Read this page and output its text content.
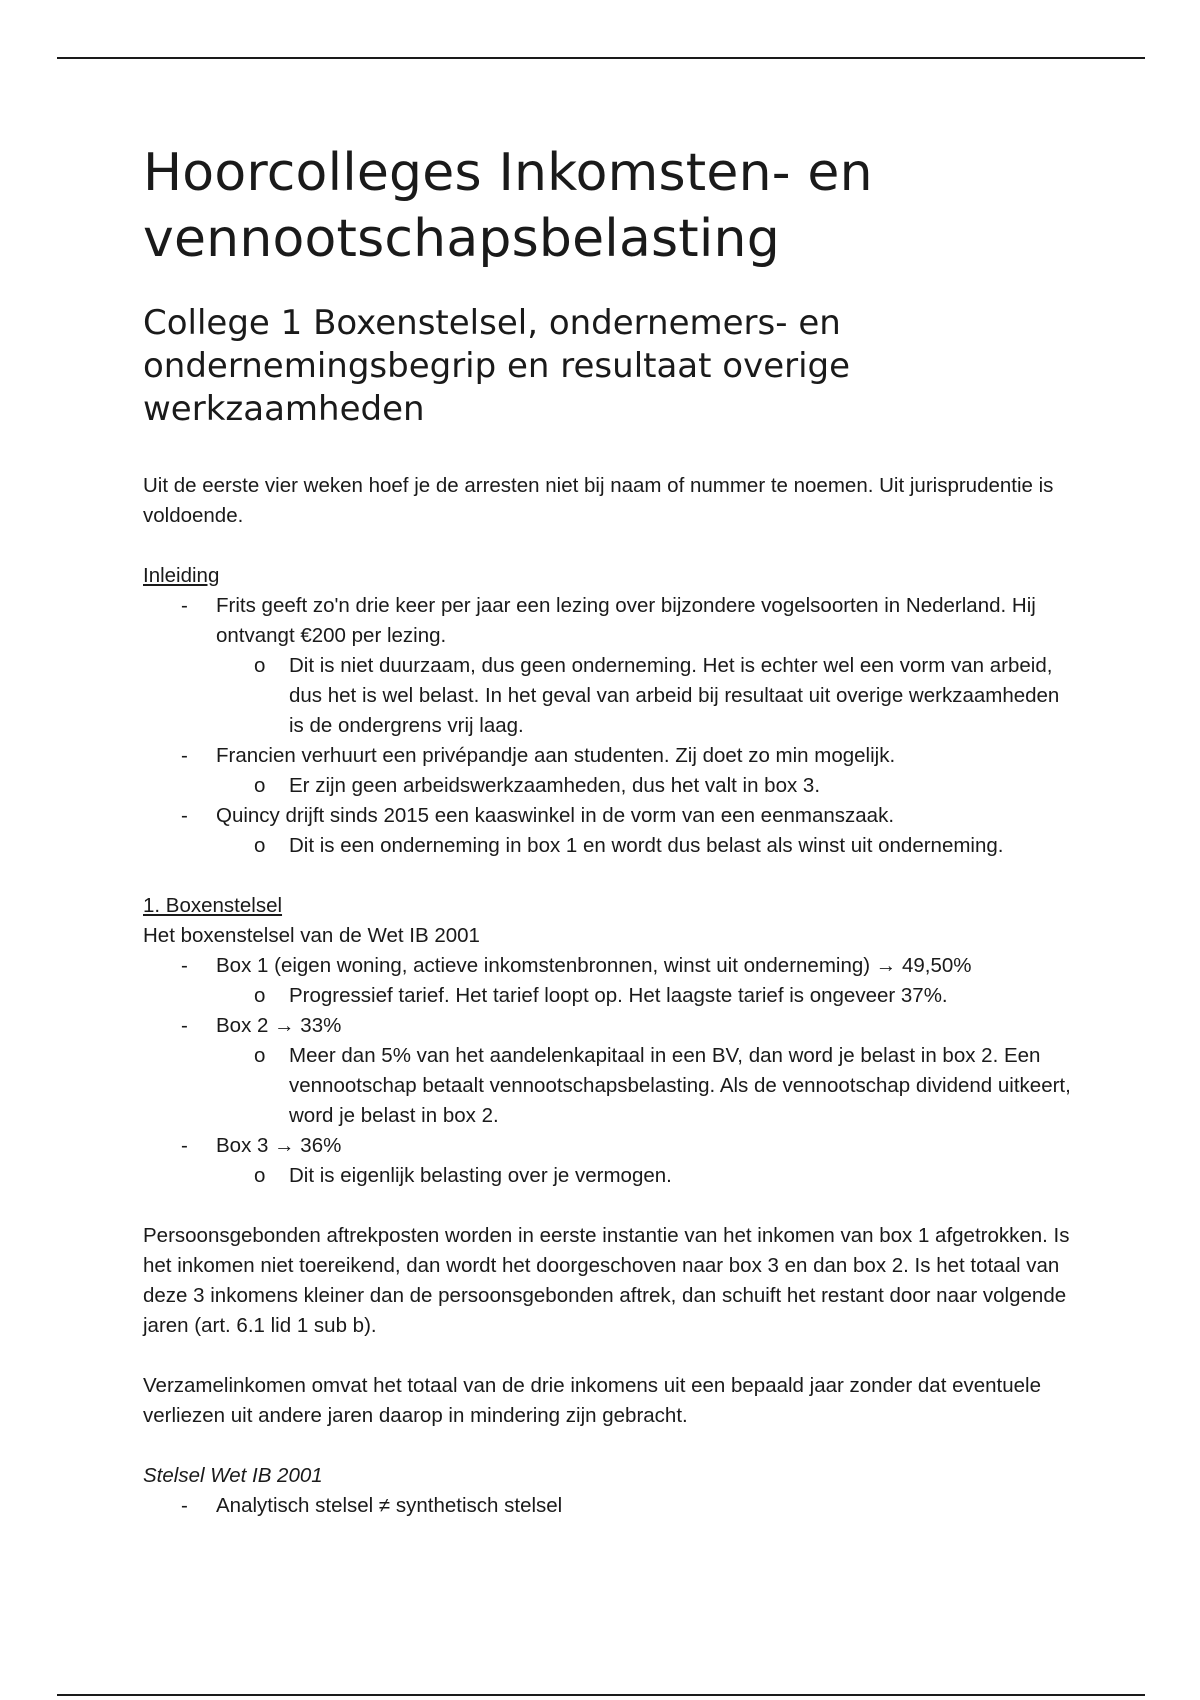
Hoorcolleges Inkomsten- en vennootschapsbelasting
College 1 Boxenstelsel, ondernemers- en ondernemingsbegrip en resultaat overige werkzaamheden

Uit de eerste vier weken hoef je de arresten niet bij naam of nummer te noemen. Uit jurisprudentie is voldoende.

Inleiding

- Frits geeft zo'n drie keer per jaar een lezing over bijzondere vogelsoorten in Nederland. Hij ontvangt €200 per lezing.
o Dit is niet duurzaam, dus geen onderneming. Het is echter wel een vorm van arbeid, dus het is wel belast. In het geval van arbeid bij resultaat uit overige werkzaamheden is de ondergrens vrij laag.
- Francien verhuurt een privépandje aan studenten. Zij doet zo min mogelijk.
o Er zijn geen arbeidswerkzaamheden, dus het valt in box 3.
- Quincy drijft sinds 2015 een kaaswinkel in de vorm van een eenmanszaak.
o Dit is een onderneming in box 1 en wordt dus belast als winst uit onderneming.

1. Boxenstelsel

Het boxenstelsel van de Wet IB 2001

- Box 1 (eigen woning, actieve inkomstenbronnen, winst uit onderneming) → 49,50%
o Progressief tarief. Het tarief loopt op. Het laagste tarief is ongeveer 37%.
- Box 2 → 33%
o Meer dan 5% van het aandelenkapitaal in een BV, dan word je belast in box 2. Een vennootschap betaalt vennootschapsbelasting. Als de vennootschap dividend uitkeert, word je belast in box 2.
- Box 3 → 36%
o Dit is eigenlijk belasting over je vermogen.

Persoonsgebonden aftrekposten worden in eerste instantie van het inkomen van box 1 afgetrokken. Is het inkomen niet toereikend, dan wordt het doorgeschoven naar box 3 en dan box 2. Is het totaal van deze 3 inkomens kleiner dan de persoonsgebonden aftrek, dan schuift het restant door naar volgende jaren (art. 6.1 lid 1 sub b).

Verzamelinkomen omvat het totaal van de drie inkomens uit een bepaald jaar zonder dat eventuele verliezen uit andere jaren daarop in mindering zijn gebracht.

Stelsel Wet IB 2001

- Analytisch stelsel ≠ synthetisch stelsel
